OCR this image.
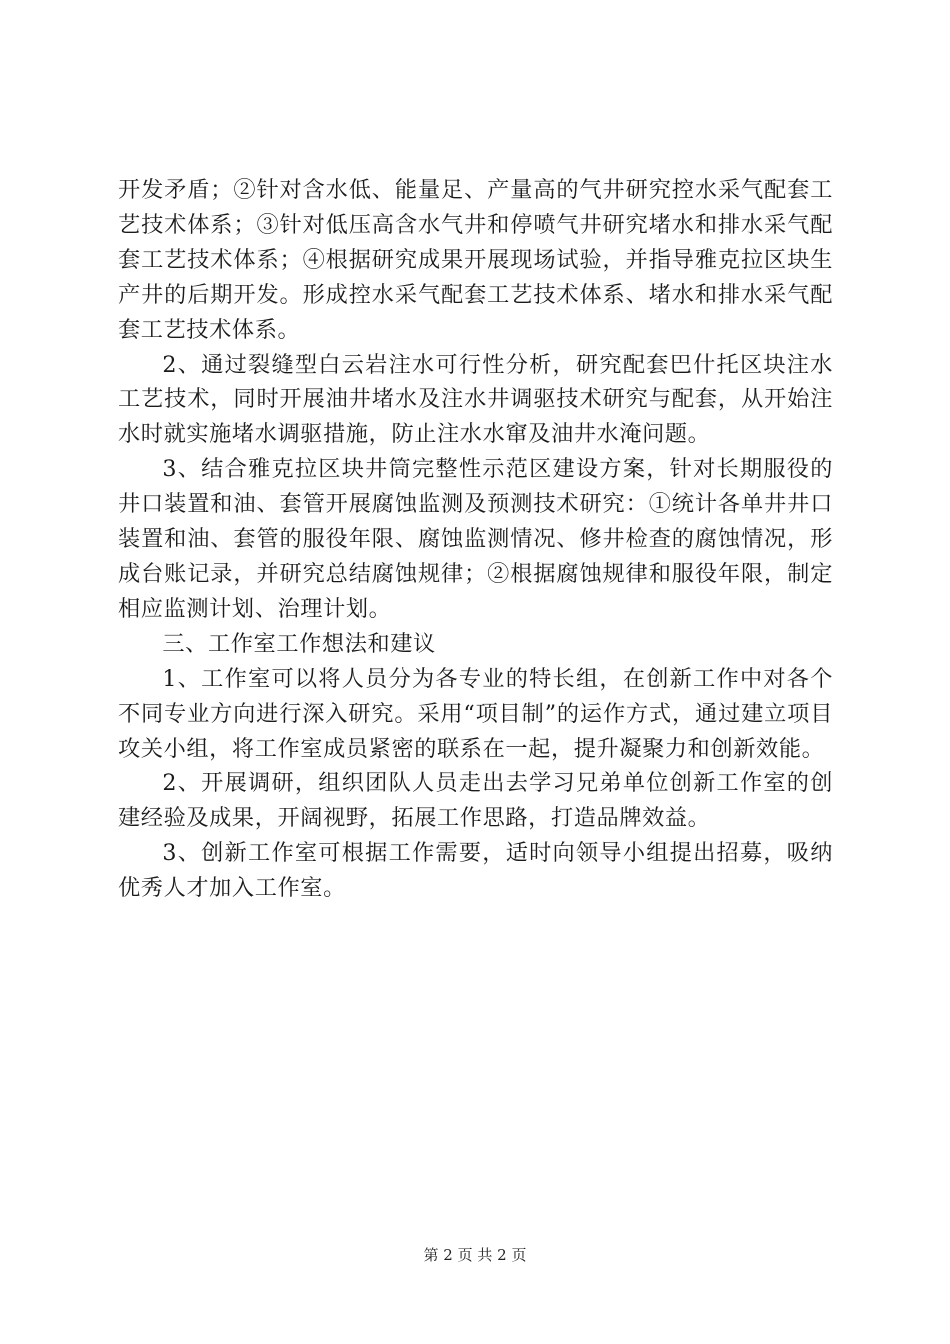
开发矛盾；②针对含水低、能量足、产量高的气井研究控水采气配套工艺技术体系；③针对低压高含水气井和停喷气井研究堵水和排水采气配套工艺技术体系；④根据研究成果开展现场试验，并指导雅克拉区块生产井的后期开发。形成控水采气配套工艺技术体系、堵水和排水采气配套工艺技术体系。

2、通过裂缝型白云岩注水可行性分析，研究配套巴什托区块注水工艺技术，同时开展油井堵水及注水井调驱技术研究与配套，从开始注水时就实施堵水调驱措施，防止注水水窜及油井水淹问题。

3、结合雅克拉区块井筒完整性示范区建设方案，针对长期服役的井口装置和油、套管开展腐蚀监测及预测技术研究：①统计各单井井口装置和油、套管的服役年限、腐蚀监测情况、修井检查的腐蚀情况，形成台账记录，并研究总结腐蚀规律；②根据腐蚀规律和服役年限，制定相应监测计划、治理计划。

三、工作室工作想法和建议

1、工作室可以将人员分为各专业的特长组，在创新工作中对各个不同专业方向进行深入研究。采用“项目制”的运作方式，通过建立项目攻关小组，将工作室成员紧密的联系在一起，提升凝聚力和创新效能。

2、开展调研，组织团队人员走出去学习兄弟单位创新工作室的创建经验及成果，开阔视野，拓展工作思路，打造品牌效益。

3、创新工作室可根据工作需要，适时向领导小组提出招募，吸纳优秀人才加入工作室。

第 2 页 共 2 页
